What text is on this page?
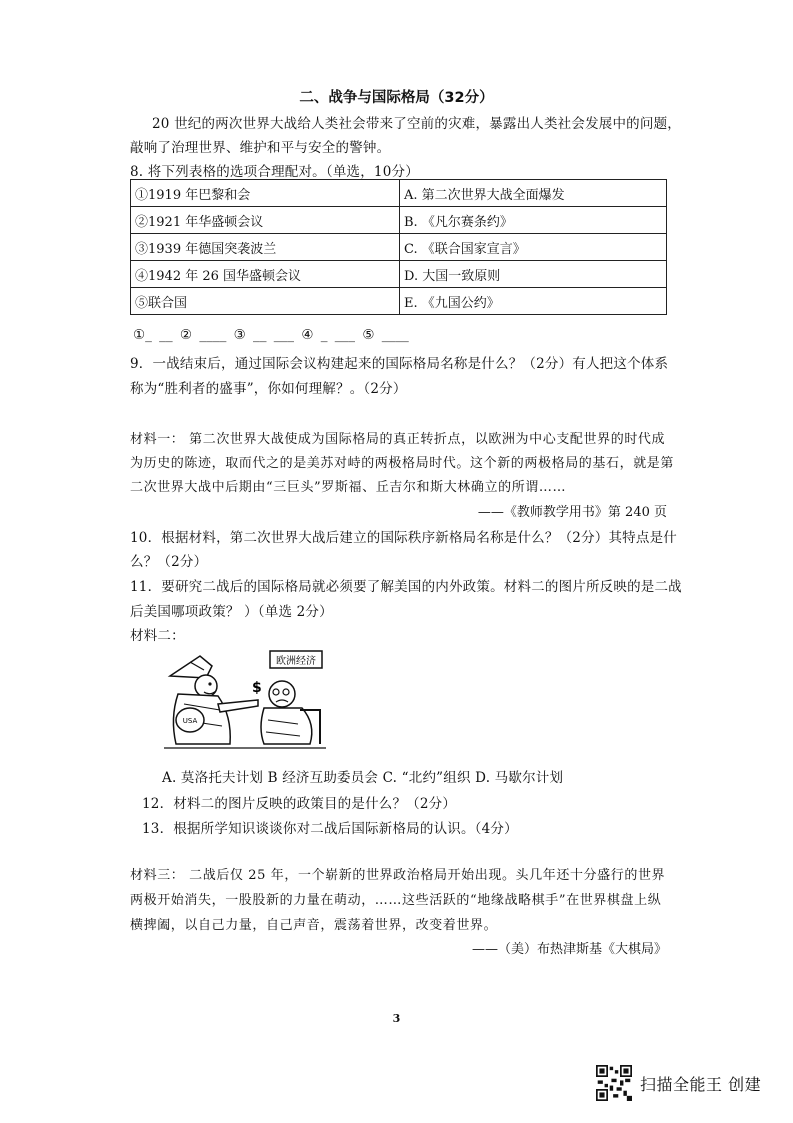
二、战争与国际格局（32分）
20 世纪的两次世界大战给人类社会带来了空前的灾难，暴露出人类社会发展中的问题，
敲响了治理世界、维护和平与安全的警钟。
8. 将下列表格的选项合理配对。（单选，10分）
①1919 年巴黎和会	A. 第二次世界大战全面爆发
②1921 年华盛顿会议	B. 《凡尔赛条约》
③1939 年德国突袭波兰	C. 《联合国家宣言》
④1942 年 26 国华盛顿会议	D. 大国一致原则
⑤联合国	E. 《九国公约》
①_ __ ② ____ ③ __ ___ ④ _ ___ ⑤ ____
9．一战结束后，通过国际会议构建起来的国际格局名称是什么？（2分）有人把这个体系
称为“胜利者的盛事”，你如何理解？。（2分）
材料一： 第二次世界大战使成为国际格局的真正转折点，以欧洲为中心支配世界的时代成
为历史的陈迹，取而代之的是美苏对峙的两极格局时代。这个新的两极格局的基石，就是第
二次世界大战中后期由“三巨头”罗斯福、丘吉尔和斯大林确立的所谓……
——《教师教学用书》第 240 页
10．根据材料，第二次世界大战后建立的国际秩序新格局名称是什么？（2分）其特点是什
么？（2分）
11．要研究二战后的国际格局就必须要了解美国的内外政策。材料二的图片所反映的是二战
后美国哪项政策？ ）（单选 2分）
材料二：
欧洲经济
USA
$
A. 莫洛托夫计划 B 经济互助委员会 C. “北约”组织 D. 马歇尔计划
12．材料二的图片反映的政策目的是什么？（2分）
13．根据所学知识谈谈你对二战后国际新格局的认识。（4分）
材料三： 二战后仅 25 年，一个崭新的世界政治格局开始出现。头几年还十分盛行的世界
两极开始消失，一股股新的力量在萌动，……这些活跃的“地缘战略棋手”在世界棋盘上纵
横捭阖，以自己力量，自己声音，震荡着世界，改变着世界。
——（美）布热津斯基《大棋局》
3
扫描全能王 创建
